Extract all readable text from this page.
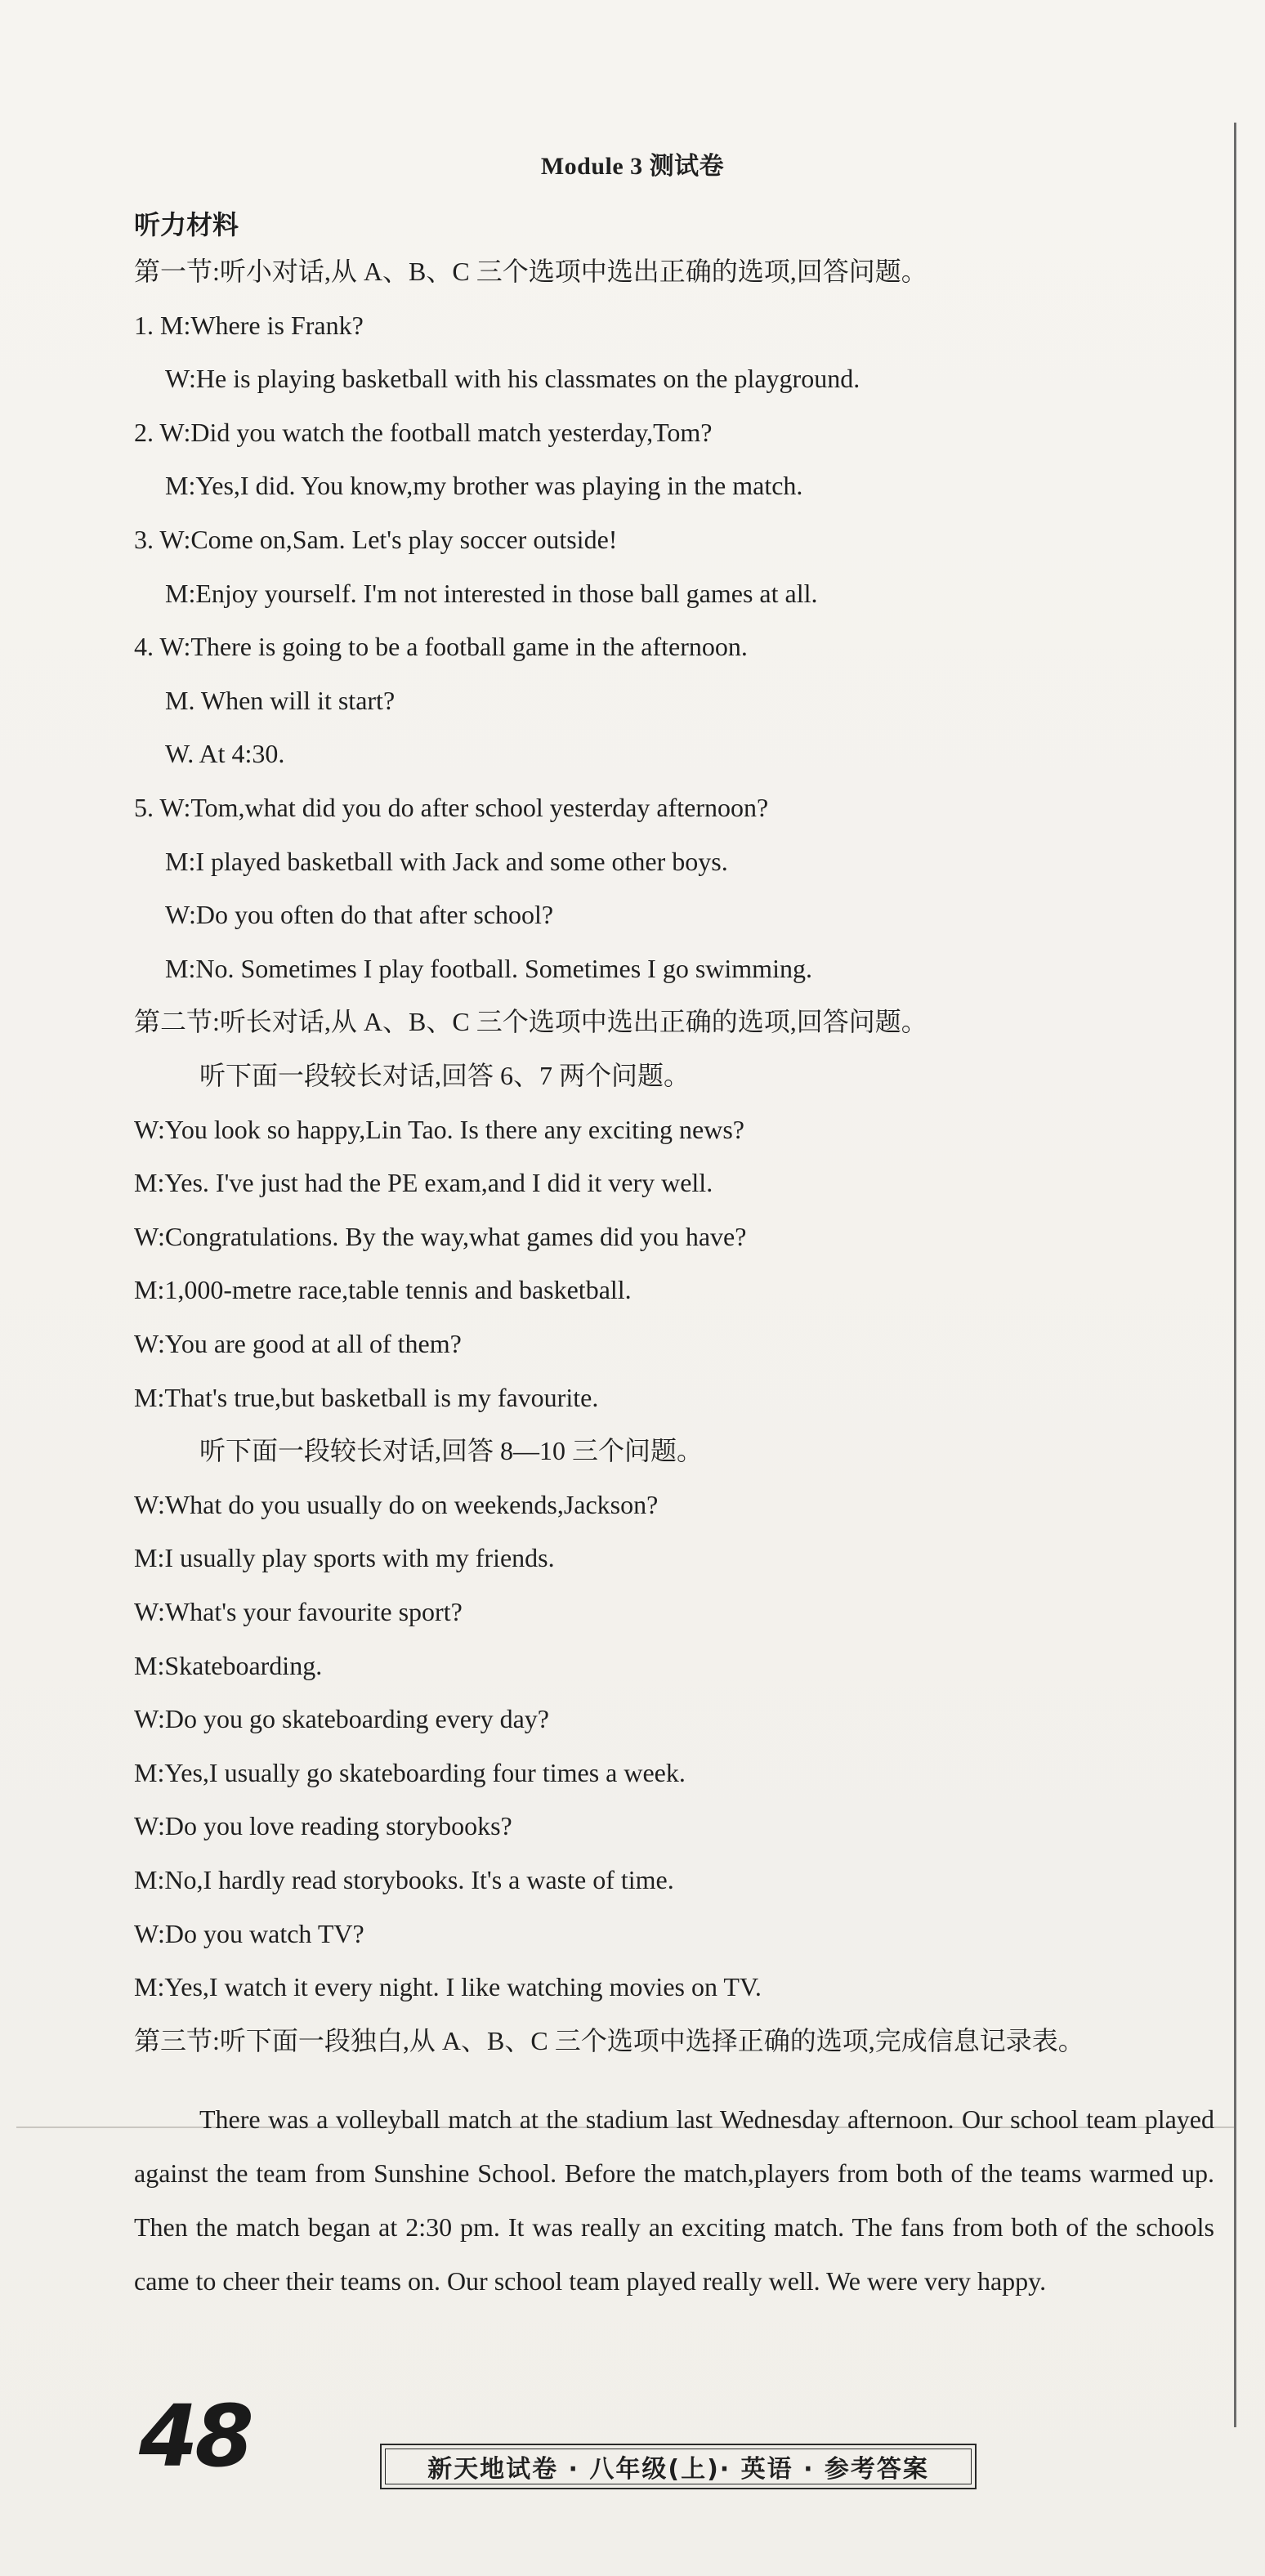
Module 3 测试卷
听力材料
第一节:听小对话,从 A、B、C 三个选项中选出正确的选项,回答问题。
1. M:Where is Frank?
W:He is playing basketball with his classmates on the playground.
2. W:Did you watch the football match yesterday,Tom?
M:Yes,I did. You know,my brother was playing in the match.
3. W:Come on,Sam. Let's play soccer outside!
M:Enjoy yourself. I'm not interested in those ball games at all.
4. W:There is going to be a football game in the afternoon.
M. When will it start?
W. At 4:30.
5. W:Tom,what did you do after school yesterday afternoon?
M:I played basketball with Jack and some other boys.
W:Do you often do that after school?
M:No. Sometimes I play football. Sometimes I go swimming.
第二节:听长对话,从 A、B、C 三个选项中选出正确的选项,回答问题。
听下面一段较长对话,回答 6、7 两个问题。
W:You look so happy,Lin Tao. Is there any exciting news?
M:Yes. I've just had the PE exam,and I did it very well.
W:Congratulations. By the way,what games did you have?
M:1,000-metre race,table tennis and basketball.
W:You are good at all of them?
M:That's true,but basketball is my favourite.
听下面一段较长对话,回答 8—10 三个问题。
W:What do you usually do on weekends,Jackson?
M:I usually play sports with my friends.
W:What's your favourite sport?
M:Skateboarding.
W:Do you go skateboarding every day?
M:Yes,I usually go skateboarding four times a week.
W:Do you love reading storybooks?
M:No,I hardly read storybooks. It's a waste of time.
W:Do you watch TV?
M:Yes,I watch it every night. I like watching movies on TV.
第三节:听下面一段独白,从 A、B、C 三个选项中选择正确的选项,完成信息记录表。
There was a volleyball match at the stadium last Wednesday afternoon. Our school team played against the team from Sunshine School. Before the match,players from both of the teams warmed up. Then the match began at 2:30 pm. It was really an exciting match. The fans from both of the schools came to cheer their teams on. Our school team played really well. We were very happy.
48	新天地试卷 · 八年级(上)· 英语 · 参考答案
